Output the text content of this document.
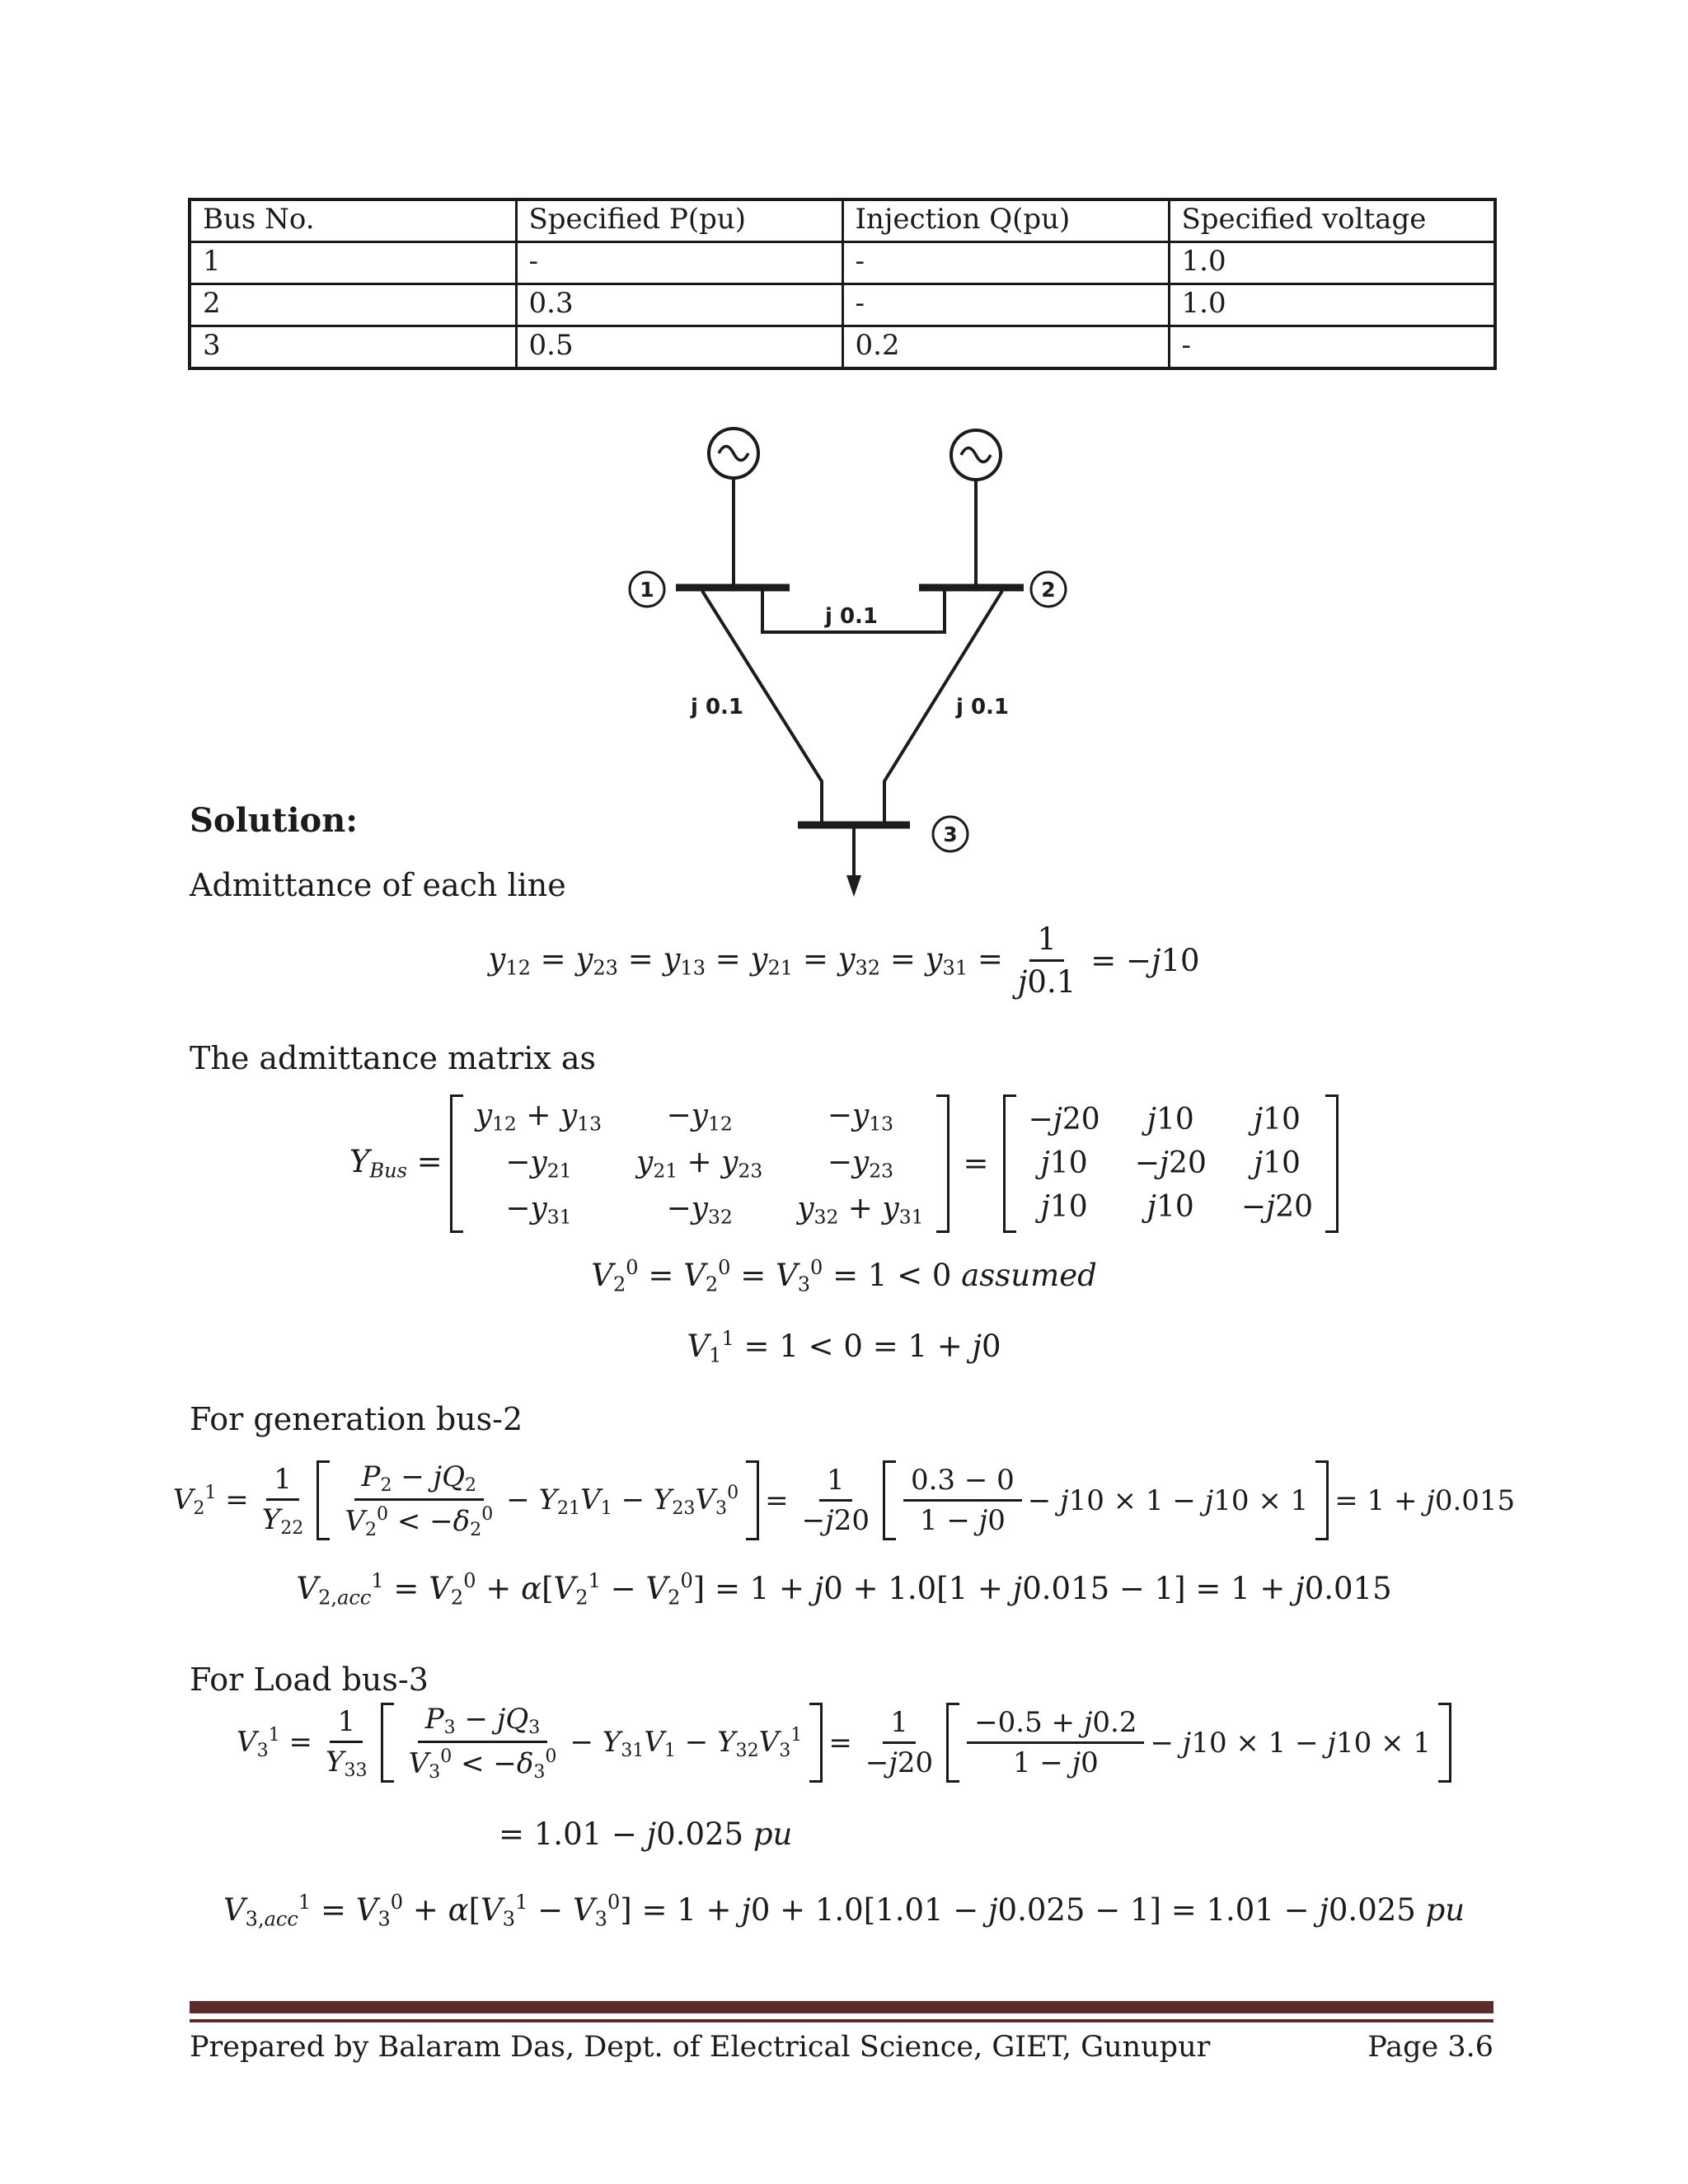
Bus No.	Specified P(pu)	Injection Q(pu)	Specified voltage
1	-	-	1.0
2	0.3	-	1.0
3	0.5	0.2	-
1	2
3
j 0.1
j 0.1	j 0.1
Solution:
Admittance of each line
$y_{12} = y_{23} = y_{13} = y_{21} = y_{32} = y_{31} = \frac{1}{j0.1} = -j10$
The admittance matrix as
$Y_{Bus}$ =
$y_{12} + y_{13}$	$-y_{12}$	$-y_{13}$
$-y_{21}$	$y_{21} + y_{23}$	$-y_{23}$
$-y_{31}$	$-y_{32}$	$y_{32} + y_{31}$
=
−j20	j10	j10
j10	−j20	j10
j10	j10	−j20
$V_2^0 = V_2^0 = V_3^0 = 1 < 0$ assumed
$V_1^1 = 1 < 0 = 1 + j0$
For generation bus-2
$V_2^1 = \frac{1}{Y_{22}} \frac{P_2 - jQ_2}{V_2^0 < -\delta_2^0} - Y_{21}V_1 - Y_{23}V_3^0 = \frac{1}{-j20} \frac{0.3 - 0}{1 - j0} - j10 \times 1 - j10 \times 1 = 1 + j0.015$
$V_{2,acc}^1 = V_2^0 + \alpha[V_2^1 - V_2^0] = 1 + j0 + 1.0[1 + j0.015 - 1] = 1 + j0.015$
For Load bus-3
$V_3^1 = \frac{1}{Y_{33}} \frac{P_3 - jQ_3}{V_3^0 < -\delta_3^0} - Y_{31}V_1 - Y_{32}V_3^1 = \frac{1}{-j20} \frac{-0.5 + j0.2}{1 - j0} - j10 \times 1 - j10 \times 1$
= 1.01 − j0.025 pu
$V_{3,acc}^1 = V_3^0 + \alpha[V_3^1 - V_3^0] = 1 + j0 + 1.0[1.01 - j0.025 - 1] = 1.01 - j0.025$ pu
Prepared by Balaram Das, Dept. of Electrical Science, GIET, Gunupur	Page 3.6
